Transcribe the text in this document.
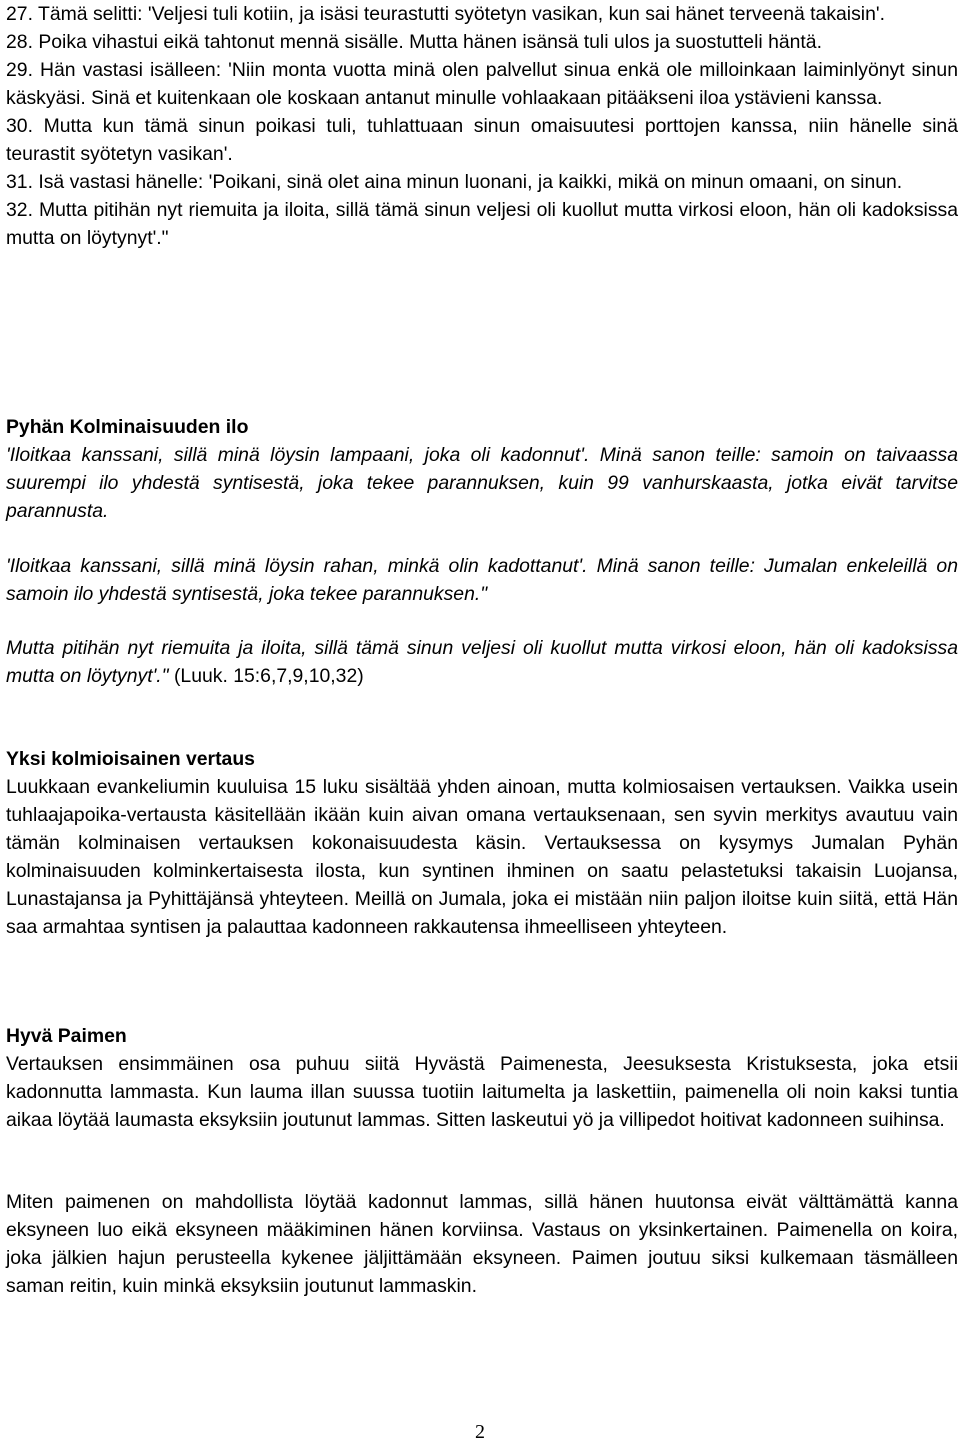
27. Tämä selitti: 'Veljesi tuli kotiin, ja isäsi teurastutti syötetyn vasikan, kun sai hänet terveenä takaisin'.

28. Poika vihastui eikä tahtonut mennä sisälle. Mutta hänen isänsä tuli ulos ja suostutteli häntä.

29. Hän vastasi isälleen: 'Niin monta vuotta minä olen palvellut sinua enkä ole milloinkaan laiminlyönyt sinun käskyäsi. Sinä et kuitenkaan ole koskaan antanut minulle vohlaakaan pitääkseni iloa ystävieni kanssa.

30. Mutta kun tämä sinun poikasi tuli, tuhlattuaan sinun omaisuutesi porttojen kanssa, niin hänelle sinä teurastit syötetyn vasikan'.

31. Isä vastasi hänelle: 'Poikani, sinä olet aina minun luonani, ja kaikki, mikä on minun omaani, on sinun.

32. Mutta pitihän nyt riemuita ja iloita, sillä tämä sinun veljesi oli kuollut mutta virkosi eloon, hän oli kadoksissa mutta on löytynyt'."

Pyhän Kolminaisuuden ilo

'Iloitkaa kanssani, sillä minä löysin lampaani, joka oli kadonnut'. Minä sanon teille: samoin on taivaassa suurempi ilo yhdestä syntisestä, joka tekee parannuksen, kuin 99 vanhurskaasta, jotka eivät tarvitse parannusta.

'Iloitkaa kanssani, sillä minä löysin rahan, minkä olin kadottanut'. Minä sanon teille: Jumalan enkeleillä on samoin ilo yhdestä syntisestä, joka tekee parannuksen."

Mutta pitihän nyt riemuita ja iloita, sillä tämä sinun veljesi oli kuollut mutta virkosi eloon, hän oli kadoksissa mutta on löytynyt'." (Luuk. 15:6,7,9,10,32)

Yksi kolmioisainen vertaus

Luukkaan evankeliumin kuuluisa 15 luku sisältää yhden ainoan, mutta kolmiosaisen vertauksen. Vaikka usein tuhlaajapoika-vertausta käsitellään ikään kuin aivan omana vertauksenaan, sen syvin merkitys avautuu vain tämän kolminaisen vertauksen kokonaisuudesta käsin. Vertauksessa on kysymys Jumalan Pyhän kolminaisuuden kolminkertaisesta ilosta, kun syntinen ihminen on saatu pelastetuksi takaisin Luojansa, Lunastajansa ja Pyhittäjänsä yhteyteen. Meillä on Jumala, joka ei mistään niin paljon iloitse kuin siitä, että Hän saa armahtaa syntisen ja palauttaa kadonneen rakkautensa ihmeelliseen yhteyteen.

Hyvä Paimen

Vertauksen ensimmäinen osa puhuu siitä Hyvästä Paimenesta, Jeesuksesta Kristuksesta, joka etsii kadonnutta lammasta. Kun lauma illan suussa tuotiin laitumelta ja laskettiin, paimenella oli noin kaksi tuntia aikaa löytää laumasta eksyksiin joutunut lammas. Sitten laskeutui yö ja villipedot hoitivat kadonneen suihinsa.

Miten paimenen on mahdollista löytää kadonnut lammas, sillä hänen huutonsa eivät välttämättä kanna eksyneen luo eikä eksyneen määkiminen hänen korviinsa. Vastaus on yksinkertainen. Paimenella on koira, joka jälkien hajun perusteella kykenee jäljittämään eksyneen. Paimen joutuu siksi kulkemaan täsmälleen saman reitin, kuin minkä eksyksiin joutunut lammaskin.

2
